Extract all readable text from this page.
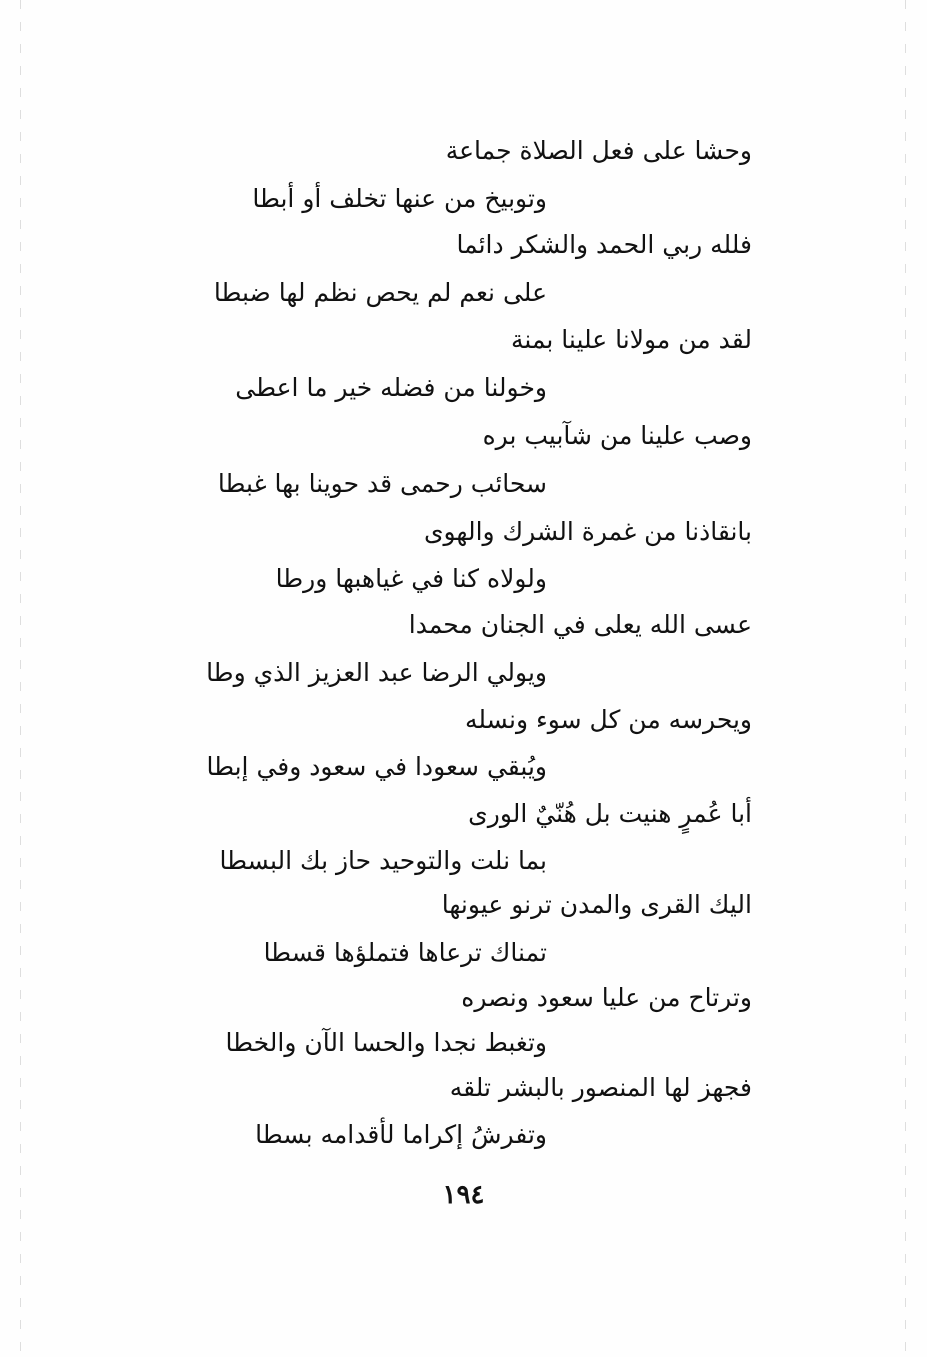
وحشا على فعل الصلاة جماعة
وتوبيخ من عنها تخلف أو أبطا
فلله ربي الحمد والشكر دائما
على نعم لم يحص نظم لها ضبطا
لقد من مولانا علينا بمنة
وخولنا من فضله خير ما اعطى
وصب علينا من شآبيب بره
سحائب رحمى قد حوينا بها غبطا
بانقاذنا من غمرة الشرك والهوى
ولولاه كنا في غياهبها ورطا
عسى الله يعلى في الجنان محمدا
ويولي الرضا عبد العزيز الذي وطا
ويحرسه من كل سوء ونسله
ويُبقي سعودا في سعود وفي إبطا
أبا عُمرٍ هنيت بل هُنّيٌ الورى
بما نلت والتوحيد حاز بك البسطا
اليك القرى والمدن ترنو عيونها
تمناك ترعاها فتملؤها قسطا
وترتاح من عليا سعود ونصره
وتغبط نجدا والحسا الآن والخطا
فجهز لها المنصور بالبشر تلقه
وتفرشُ إكراما لأقدامه بسطا
١٩٤
